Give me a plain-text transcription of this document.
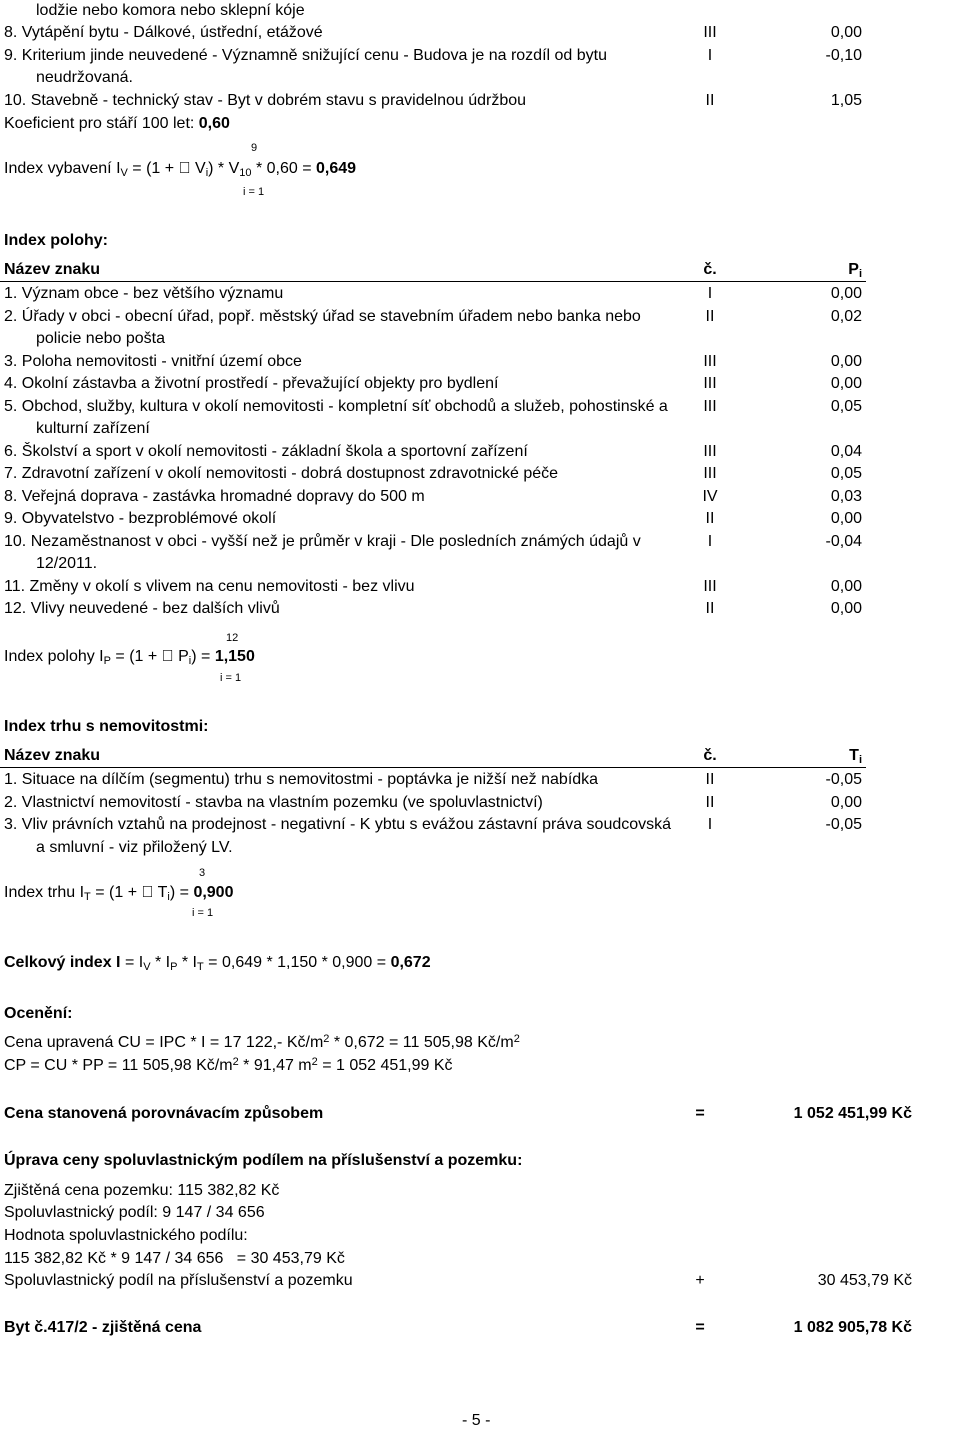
lodžie nebo komora nebo sklepní kóje
8. Vytápění bytu - Dálkové, ústřední, etážové	III	0,00
9. Kriterium jinde neuvedené - Významně snižující cenu - Budova je na rozdíl od bytu	I	-0,10
neudržovaná.
10. Stavebně - technický stav - Byt v dobrém stavu s pravidelnou údržbou	II	1,05
Koeficient pro stáří 100 let: 0,60
9
Index vybavení $I_V = (1$ +   $V_i) * V_{10} * 0,60 = 0,649$
i = 1
Index polohy:
Název znaku	č.	$P_i$
1. Význam obce - bez většího významu	I	0,00
2. Úřady v obci - obecní úřad, popř. městský úřad se stavebním úřadem nebo banka nebo	II	0,02
policie nebo pošta
3. Poloha nemovitosti - vnitřní území obce	III	0,00
4. Okolní zástavba a životní prostředí - převažující objekty pro bydlení	III	0,00
5. Obchod, služby, kultura v okolí nemovitosti - kompletní síť obchodů a služeb, pohostinské a	III	0,05
kulturní zařízení
6. Školství a sport v okolí nemovitosti - základní škola a sportovní zařízení	III	0,04
7. Zdravotní zařízení v okolí nemovitosti - dobrá dostupnost zdravotnické péče	III	0,05
8. Veřejná doprava - zastávka hromadné dopravy do 500 m	IV	0,03
9. Obyvatelstvo - bezproblémové okolí	II	0,00
10. Nezaměstnanost v obci - vyšší než je průměr v kraji - Dle posledních známých údajů v	I	-0,04
12/2011.
11. Změny v okolí s vlivem na cenu nemovitosti - bez vlivu	III	0,00
12. Vlivy neuvedené - bez dalších vlivů	II	0,00
12
Index polohy $I_P = (1$ +   $P_i) = 1,150$
i = 1
Index trhu s nemovitostmi:
Název znaku	č.	$T_i$
1. Situace na dílčím (segmentu) trhu s nemovitostmi - poptávka je nižší než nabídka	II	-0,05
2. Vlastnictví nemovitostí - stavba na vlastním pozemku (ve spoluvlastnictví)	II	0,00
3. Vliv právních vztahů na prodejnost - negativní - K ybtu s evážou zástavní práva soudcovská	I	-0,05
a smluvní - viz přiložený LV.
3
Index trhu $I_T = (1$ +   $T_i) = 0,900$
i = 1
Celkový index $I = I_V * I_P * I_T = 0,649 * 1,150 * 0,900 = 0,672$
Ocenění:
Cena upravená CU = IPC * I = 17 122,- $Kč/m^2 * 0,672 = 11$ 505,98 $Kč/m^2$
CP = CU * PP = 11 505,98 $Kč/m^2 * 91,47$ $m^2 = 1$ 052 451,99 Kč
Cena stanovená porovnávacím způsobem	=	1 052 451,99 Kč
Úprava ceny spoluvlastnickým podílem na příslušenství a pozemku:
Zjištěná cena pozemku: 115 382,82 Kč
Spoluvlastnický podíl: 9 147 / 34 656
Hodnota spoluvlastnického podílu:
115 382,82 Kč * 9 147 / 34 656   = 30 453,79 Kč
Spoluvlastnický podíl na příslušenství a pozemku	+	30 453,79 Kč
Byt č.417/2 - zjištěná cena	=	1 082 905,78 Kč
- 5 -
